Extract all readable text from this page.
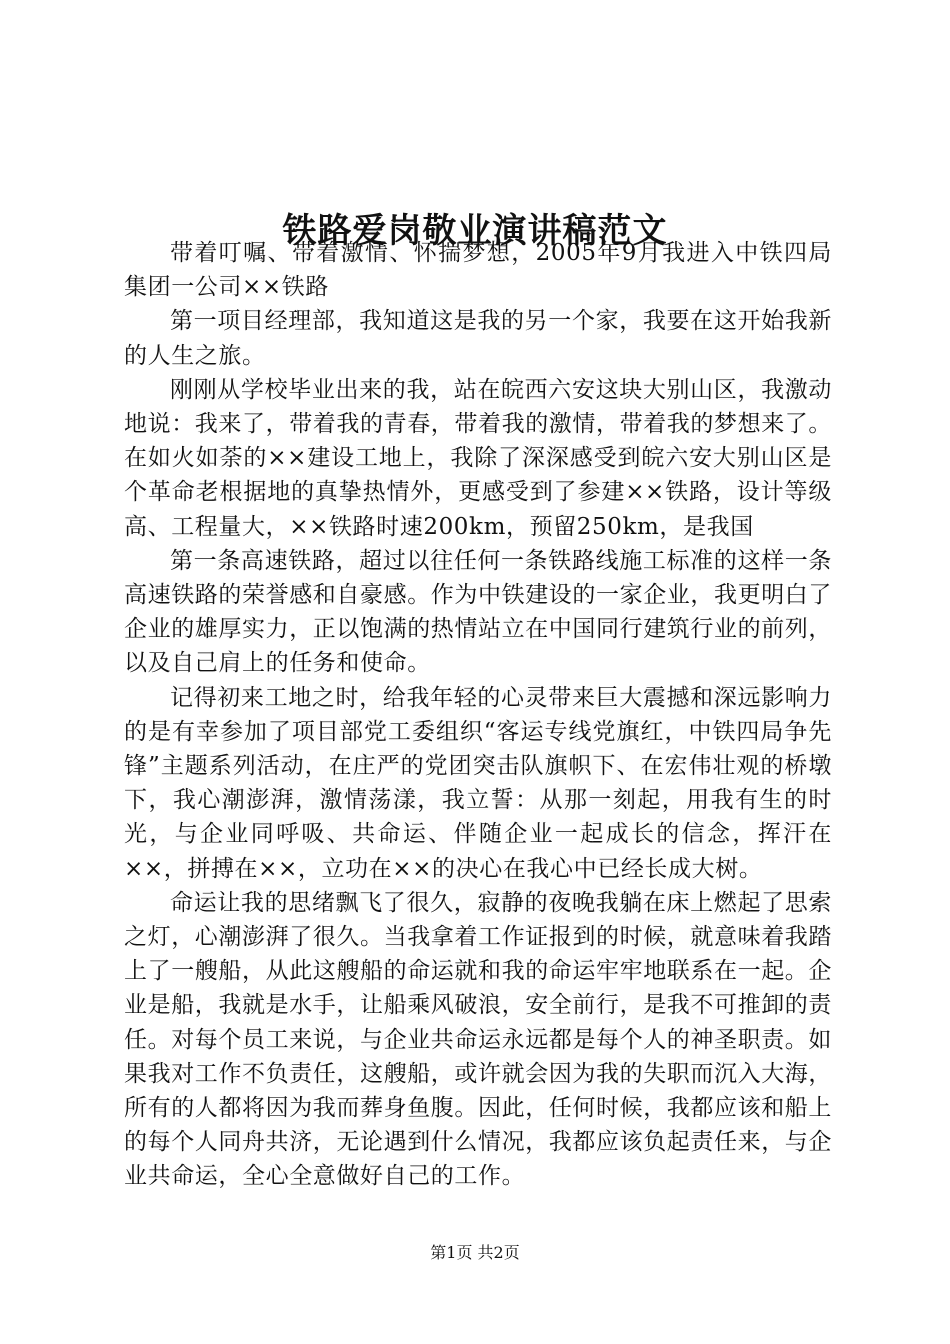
铁路爱岗敬业演讲稿范文

带着叮嘱、带着激情、怀揣梦想，2005年9月我进入中铁四局集团一公司××铁路

第一项目经理部，我知道这是我的另一个家，我要在这开始我新的人生之旅。

刚刚从学校毕业出来的我，站在皖西六安这块大别山区，我激动地说：我来了，带着我的青春，带着我的激情，带着我的梦想来了。在如火如荼的××建设工地上，我除了深深感受到皖六安大别山区是个革命老根据地的真挚热情外，更感受到了参建××铁路，设计等级高、工程量大，××铁路时速200km，预留250km，是我国

第一条高速铁路，超过以往任何一条铁路线施工标准的这样一条高速铁路的荣誉感和自豪感。作为中铁建设的一家企业，我更明白了企业的雄厚实力，正以饱满的热情站立在中国同行建筑行业的前列，以及自己肩上的任务和使命。

记得初来工地之时，给我年轻的心灵带来巨大震撼和深远影响力的是有幸参加了项目部党工委组织“客运专线党旗红，中铁四局争先锋”主题系列活动，在庄严的党团突击队旗帜下、在宏伟壮观的桥墩下，我心潮澎湃，激情荡漾，我立誓：从那一刻起，用我有生的时光，与企业同呼吸、共命运、伴随企业一起成长的信念，挥汗在××，拼搏在××，立功在××的决心在我心中已经长成大树。

命运让我的思绪飘飞了很久，寂静的夜晚我躺在床上燃起了思索之灯，心潮澎湃了很久。当我拿着工作证报到的时候，就意味着我踏上了一艘船，从此这艘船的命运就和我的命运牢牢地联系在一起。企业是船，我就是水手，让船乘风破浪，安全前行，是我不可推卸的责任。对每个员工来说，与企业共命运永远都是每个人的神圣职责。如果我对工作不负责任，这艘船，或许就会因为我的失职而沉入大海，所有的人都将因为我而葬身鱼腹。因此，任何时候，我都应该和船上的每个人同舟共济，无论遇到什么情况，我都应该负起责任来，与企业共命运，全心全意做好自己的工作。

第1页 共2页
